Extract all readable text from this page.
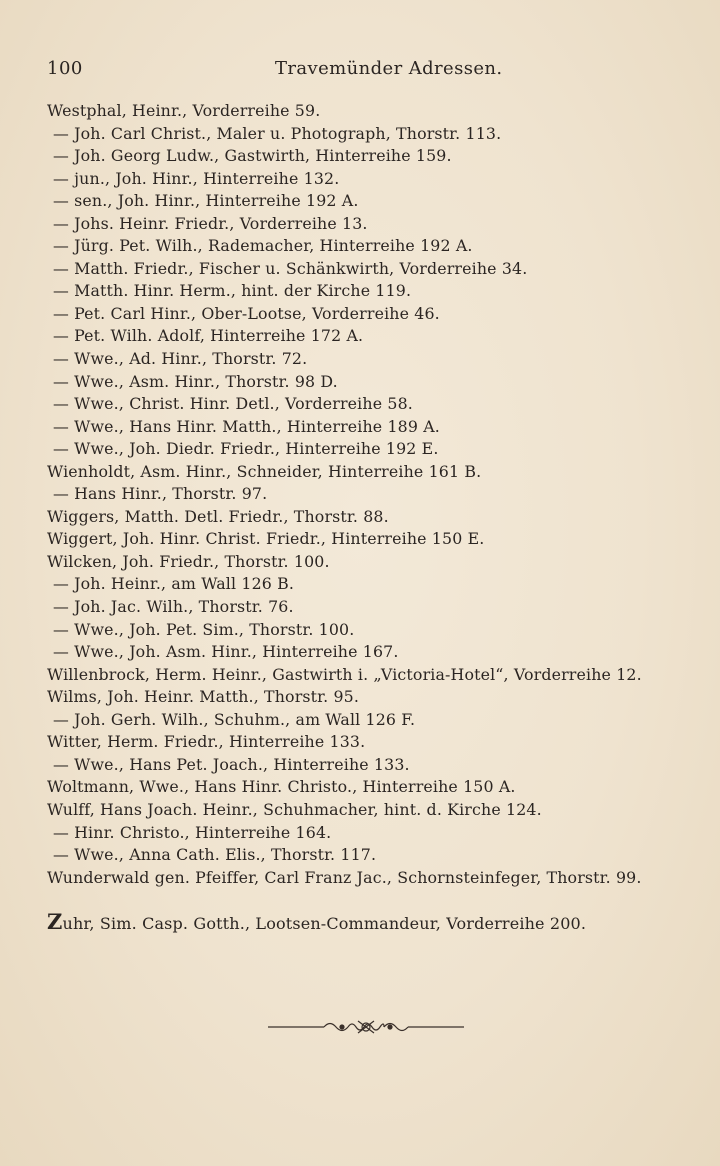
100	Travemünder Adressen.
Westphal, Heinr., Vorderreihe 59.
— Joh. Carl Christ., Maler u. Photograph, Thorstr. 113.
— Joh. Georg Ludw., Gastwirth, Hinterreihe 159.
— jun., Joh. Hinr., Hinterreihe 132.
— sen., Joh. Hinr., Hinterreihe 192 A.
— Johs. Heinr. Friedr., Vorderreihe 13.
— Jürg. Pet. Wilh., Rademacher, Hinterreihe 192 A.
— Matth. Friedr., Fischer u. Schänkwirth, Vorderreihe 34.
— Matth. Hinr. Herm., hint. der Kirche 119.
— Pet. Carl Hinr., Ober-Lootse, Vorderreihe 46.
— Pet. Wilh. Adolf, Hinterreihe 172 A.
— Wwe., Ad. Hinr., Thorstr. 72.
— Wwe., Asm. Hinr., Thorstr. 98 D.
— Wwe., Christ. Hinr. Detl., Vorderreihe 58.
— Wwe., Hans Hinr. Matth., Hinterreihe 189 A.
— Wwe., Joh. Diedr. Friedr., Hinterreihe 192 E.
Wienholdt, Asm. Hinr., Schneider, Hinterreihe 161 B.
— Hans Hinr., Thorstr. 97.
Wiggers, Matth. Detl. Friedr., Thorstr. 88.
Wiggert, Joh. Hinr. Christ. Friedr., Hinterreihe 150 E.
Wilcken, Joh. Friedr., Thorstr. 100.
— Joh. Heinr., am Wall 126 B.
— Joh. Jac. Wilh., Thorstr. 76.
— Wwe., Joh. Pet. Sim., Thorstr. 100.
— Wwe., Joh. Asm. Hinr., Hinterreihe 167.
Willenbrock, Herm. Heinr., Gastwirth i. „Victoria-Hotel“, Vorderreihe 12.
Wilms, Joh. Heinr. Matth., Thorstr. 95.
— Joh. Gerh. Wilh., Schuhm., am Wall 126 F.
Witter, Herm. Friedr., Hinterreihe 133.
— Wwe., Hans Pet. Joach., Hinterreihe 133.
Woltmann, Wwe., Hans Hinr. Christo., Hinterreihe 150 A.
Wulff, Hans Joach. Heinr., Schuhmacher, hint. d. Kirche 124.
— Hinr. Christo., Hinterreihe 164.
— Wwe., Anna Cath. Elis., Thorstr. 117.
Wunderwald gen. Pfeiffer, Carl Franz Jac., Schornsteinfeger, Thorstr. 99.
Zuhr, Sim. Casp. Gotth., Lootsen-Commandeur, Vorderreihe 200.
